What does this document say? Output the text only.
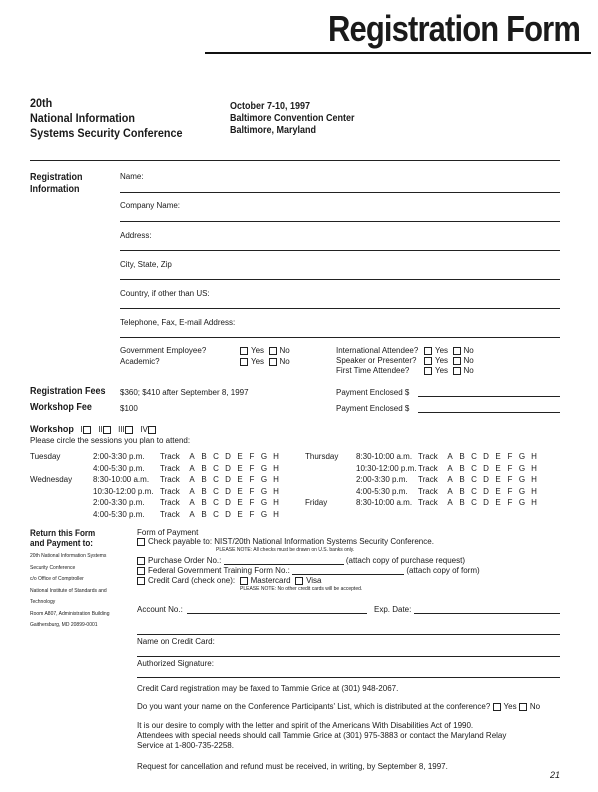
Registration Form
20th
National Information
Systems Security Conference
October 7-10, 1997
Baltimore Convention Center
Baltimore, Maryland
Registration
Information
Name:
Company Name:
Address:
City, State, Zip
Country, if other than US:
Telephone, Fax, E-mail Address:
Government Employee?	Yes No
Academic?	Yes No
International Attendee?	Yes No
Speaker or Presenter?	Yes No
First Time Attendee?	Yes No
Registration Fees $360; $410 after September 8, 1997	Payment Enclosed $
Workshop Fee	$100	Payment Enclosed $
Workshop I II III IV
Please circle the sessions you plan to attend:
Tuesday	2:00-3:30 p.m. Track A B C D E F G H
4:00-5:30 p.m. Track A B C D E F G H
Wednesday	8:30-10:00 a.m. Track A B C D E F G H
10:30-12:00 p.m. Track A B C D E F G H
2:00-3:30 p.m. Track A B C D E F G H
4:00-5:30 p.m. Track A B C D E F G H
Thursday 8:30-10:00 a.m. Track A B C D E F G H
10:30-12:00 p.m. Track A B C D E F G H
2:00-3:30 p.m. Track A B C D E F G H
4:00-5:30 p.m. Track A B C D E F G H
Friday	8:30-10:00 a.m. Track A B C D E F G H
Return this Form
and Payment to:
20th National Information Systems
Security Conference
c/o Office of Comptroller
National Institute of Standards and
Technology
Room A807, Administration Building
Gaithersburg, MD 20899-0001
Form of Payment
Check payable to: NIST/20th National Information Systems Security Conference.
PLEASE NOTE: All checks must be drawn on U.S. banks only.
Purchase Order No.:	(attach copy of purchase request)
Federal Government Training Form No.:	(attach copy of form)
Credit Card (check one): Mastercard Visa
PLEASE NOTE: No other credit cards will be accepted.
Account No.:	Exp. Date:
Name on Credit Card:
Authorized Signature:
Credit Card registration may be faxed to Tammie Grice at (301) 948-2067.
Do you want your name on the Conference Participants' List, which is distributed at the conference? Yes No
It is our desire to comply with the letter and spirit of the Americans With Disabilities Act of 1990.
Attendees with special needs should call Tammie Grice at (301) 975-3883 or contact the Maryland Relay
Service at 1-800-735-2258.
Request for cancellation and refund must be received, in writing, by September 8, 1997.
21
